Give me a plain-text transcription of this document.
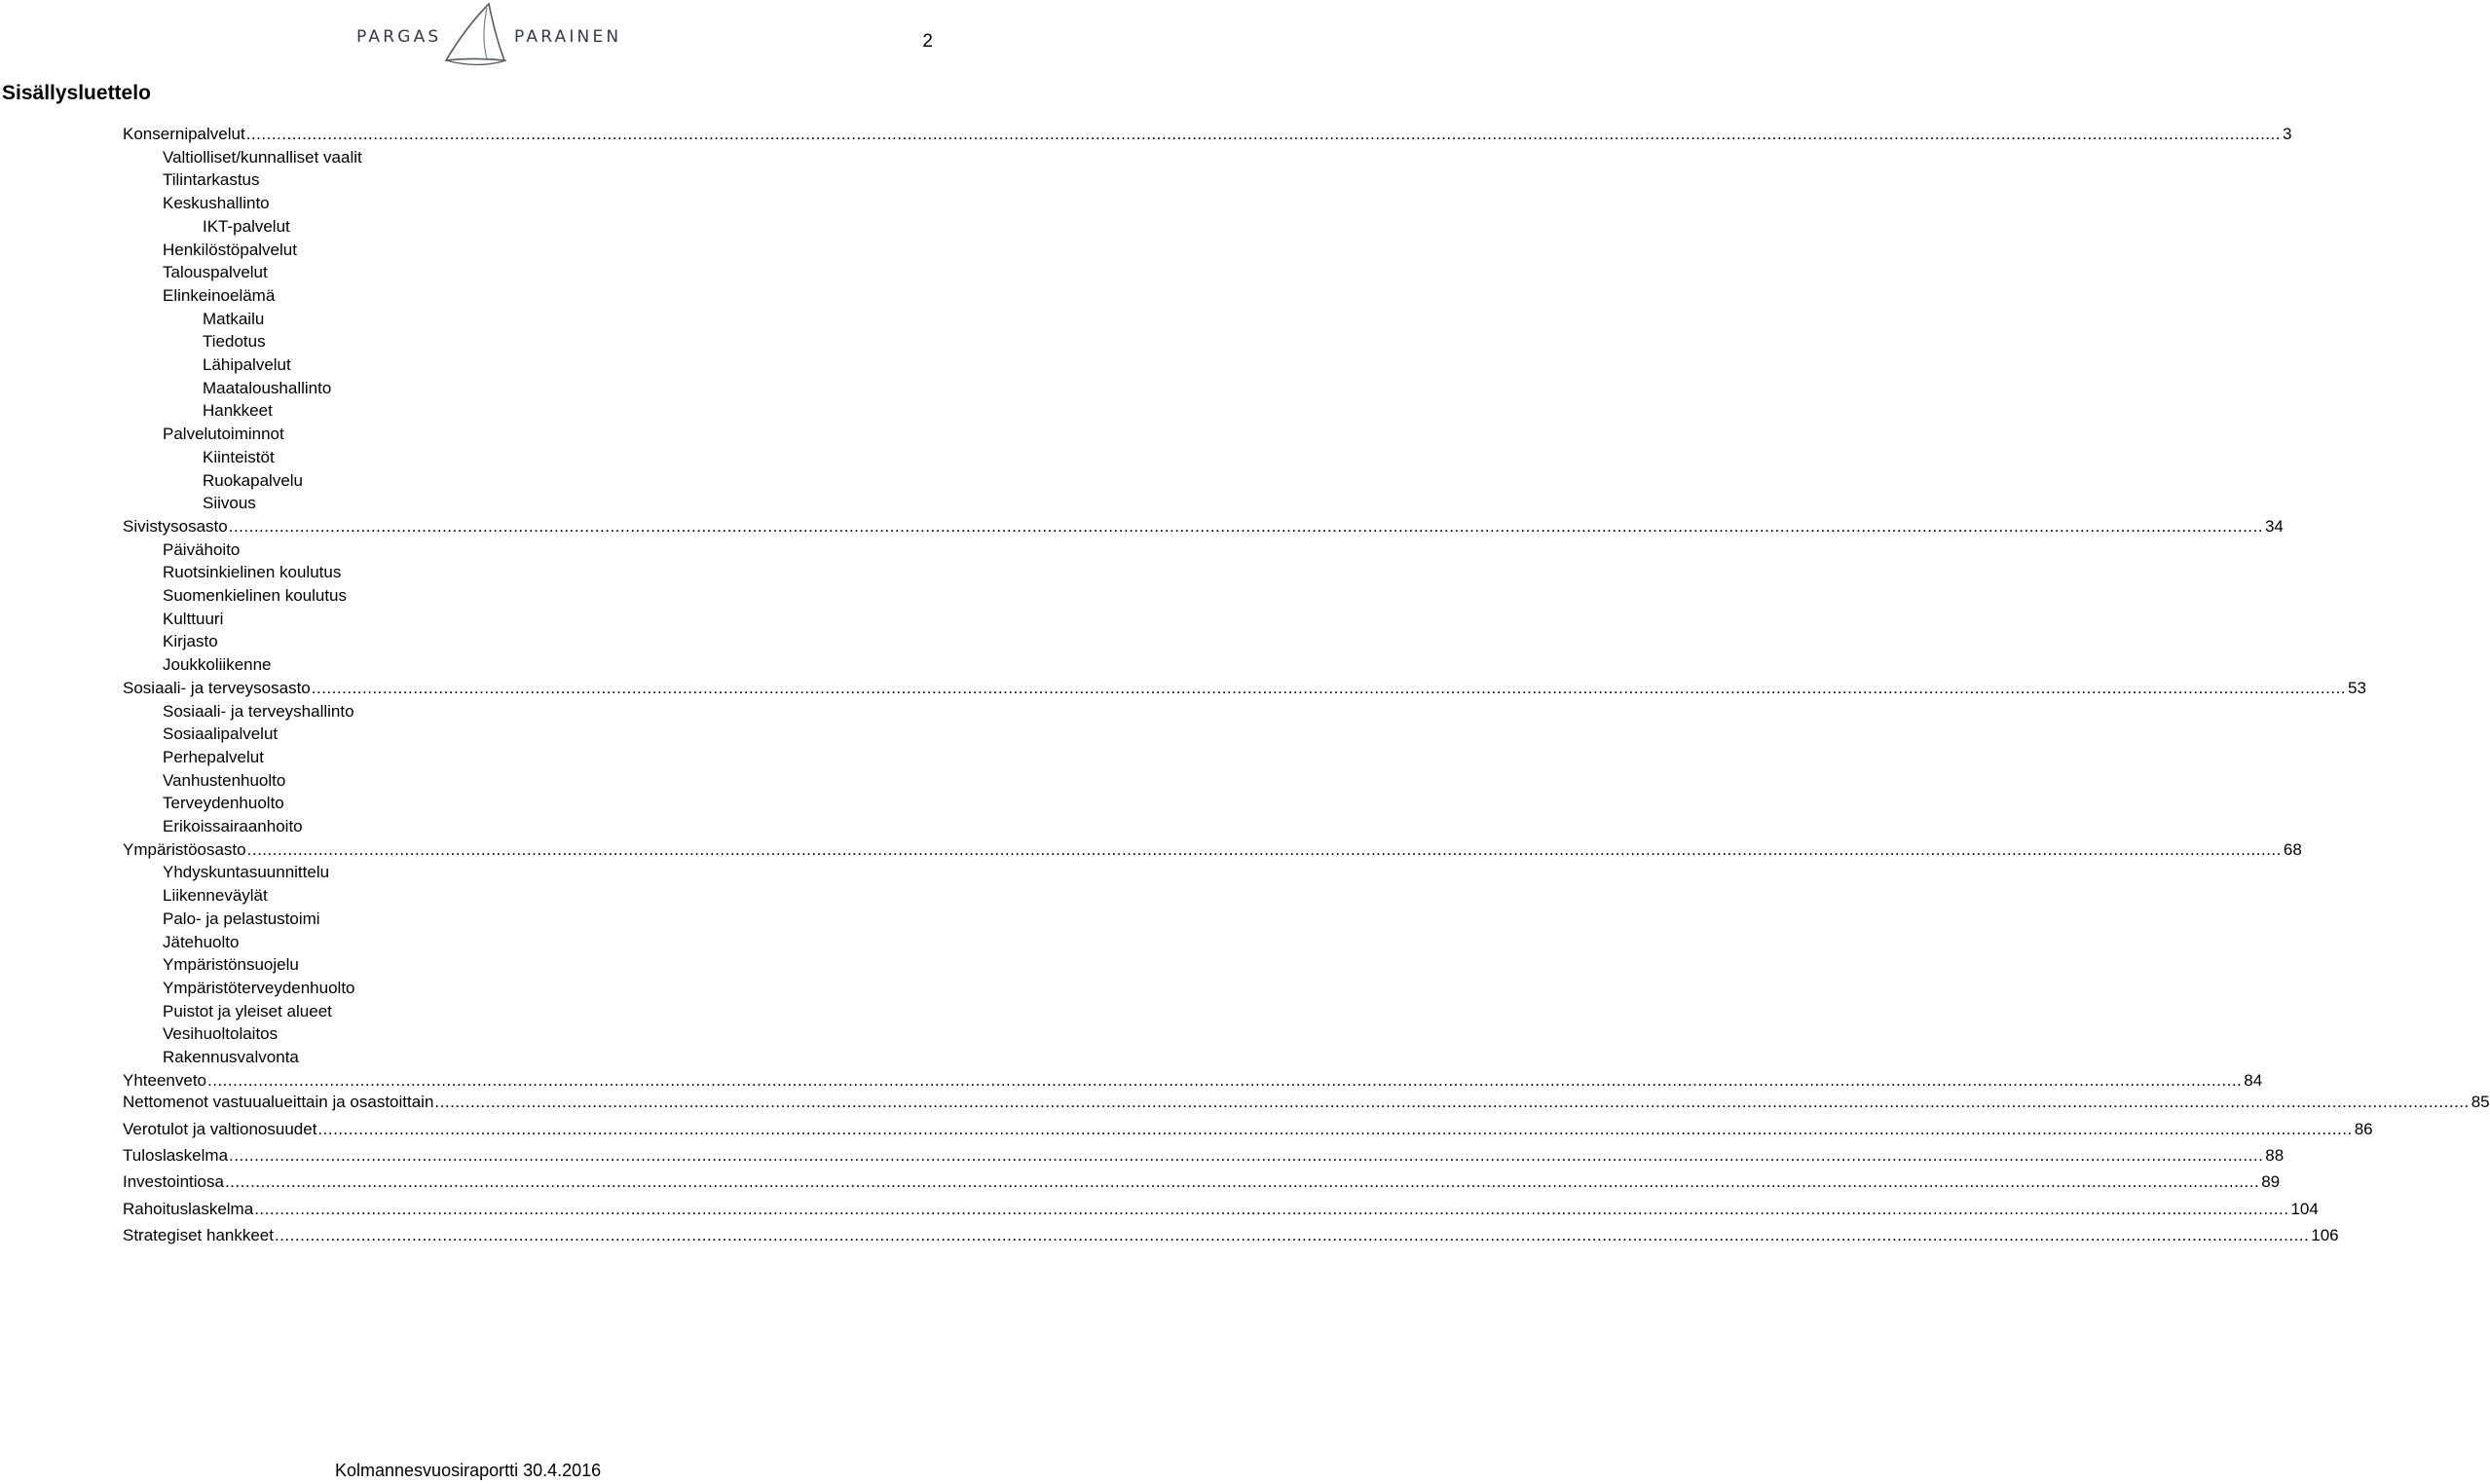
PARGAS	PARAINEN	2
Sisällysluettelo
Konsernipalvelut ................................................................................................................................................................................................................................................................................................................................................................................................................ 3
Valtiolliset/kunnalliset vaalit
Tilintarkastus
Keskushallinto
IKT-palvelut
Henkilöstöpalvelut
Talouspalvelut
Elinkeinoelämä
Matkailu
Tiedotus
Lähipalvelut
Maataloushallinto
Hankkeet
Palvelutoiminnot
Kiinteistöt
Ruokapalvelu
Siivous
Sivistysosasto ................................................................................................................................................................................................................................................................................................................................................................................................................ 34
Päivähoito
Ruotsinkielinen koulutus
Suomenkielinen koulutus
Kulttuuri
Kirjasto
Joukkoliikenne
Sosiaali- ja terveysosasto ................................................................................................................................................................................................................................................................................................................................................................................................................ 53
Sosiaali- ja terveyshallinto
Sosiaalipalvelut
Perhepalvelut
Vanhustenhuolto
Terveydenhuolto
Erikoissairaanhoito
Ympäristöosasto ................................................................................................................................................................................................................................................................................................................................................................................................................ 68
Yhdyskuntasuunnittelu
Liikenneväylät
Palo- ja pelastustoimi
Jätehuolto
Ympäristönsuojelu
Ympäristöterveydenhuolto
Puistot ja yleiset alueet
Vesihuoltolaitos
Rakennusvalvonta
Yhteenveto ................................................................................................................................................................................................................................................................................................................................................................................................................ 84
Nettomenot vastuualueittain ja osastoittain ................................................................................................................................................................................................................................................................................................................................................................................................................ 85
Verotulot ja valtionosuudet ................................................................................................................................................................................................................................................................................................................................................................................................................ 86
Tuloslaskelma ................................................................................................................................................................................................................................................................................................................................................................................................................ 88
Investointiosa ................................................................................................................................................................................................................................................................................................................................................................................................................ 89
Rahoituslaskelma ................................................................................................................................................................................................................................................................................................................................................................................................................ 104
Strategiset hankkeet ................................................................................................................................................................................................................................................................................................................................................................................................................ 106
Kolmannesvuosiraportti 30.4.2016
